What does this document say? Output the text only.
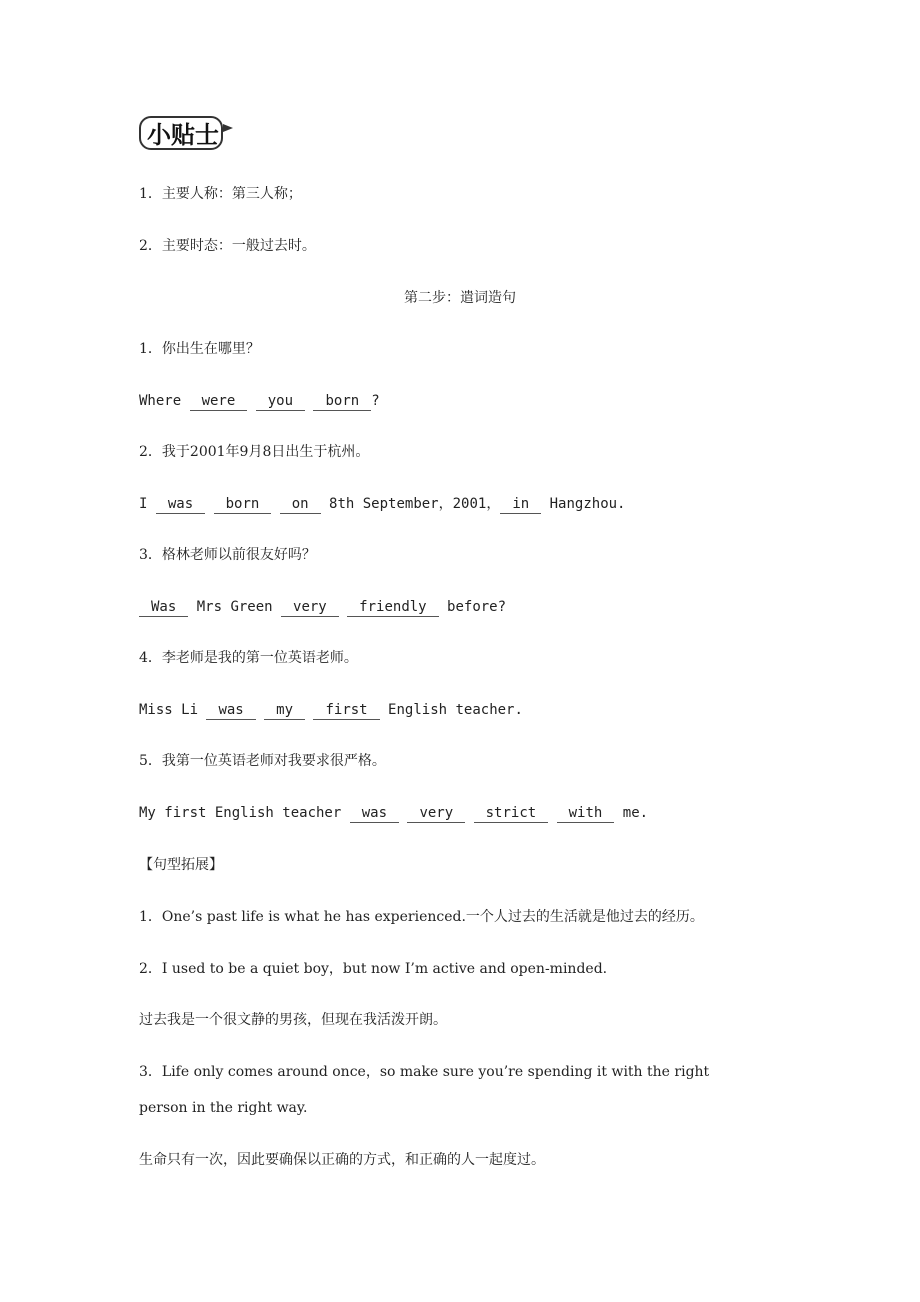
小贴士
1．主要人称：第三人称；
2．主要时态：一般过去时。
第二步：遣词造句
1．你出生在哪里？
Where were you born ?
2．我于2001年9月8日出生于杭州。
I was born on 8th September，2001， in Hangzhou.
3．格林老师以前很友好吗？
Was Mrs Green very friendly before?
4．李老师是我的第一位英语老师。
Miss Li was my first English teacher.
5．我第一位英语老师对我要求很严格。
My first English teacher was very strict with me.
【句型拓展】
1．One’s past life is what he has experienced.一个人过去的生活就是他过去的经历。
2．I used to be a quiet boy，but now I’m active and open-minded.
过去我是一个很文静的男孩，但现在我活泼开朗。
3．Life only comes around once，so make sure you’re spending it with the right
person in the right way.
生命只有一次，因此要确保以正确的方式，和正确的人一起度过。
